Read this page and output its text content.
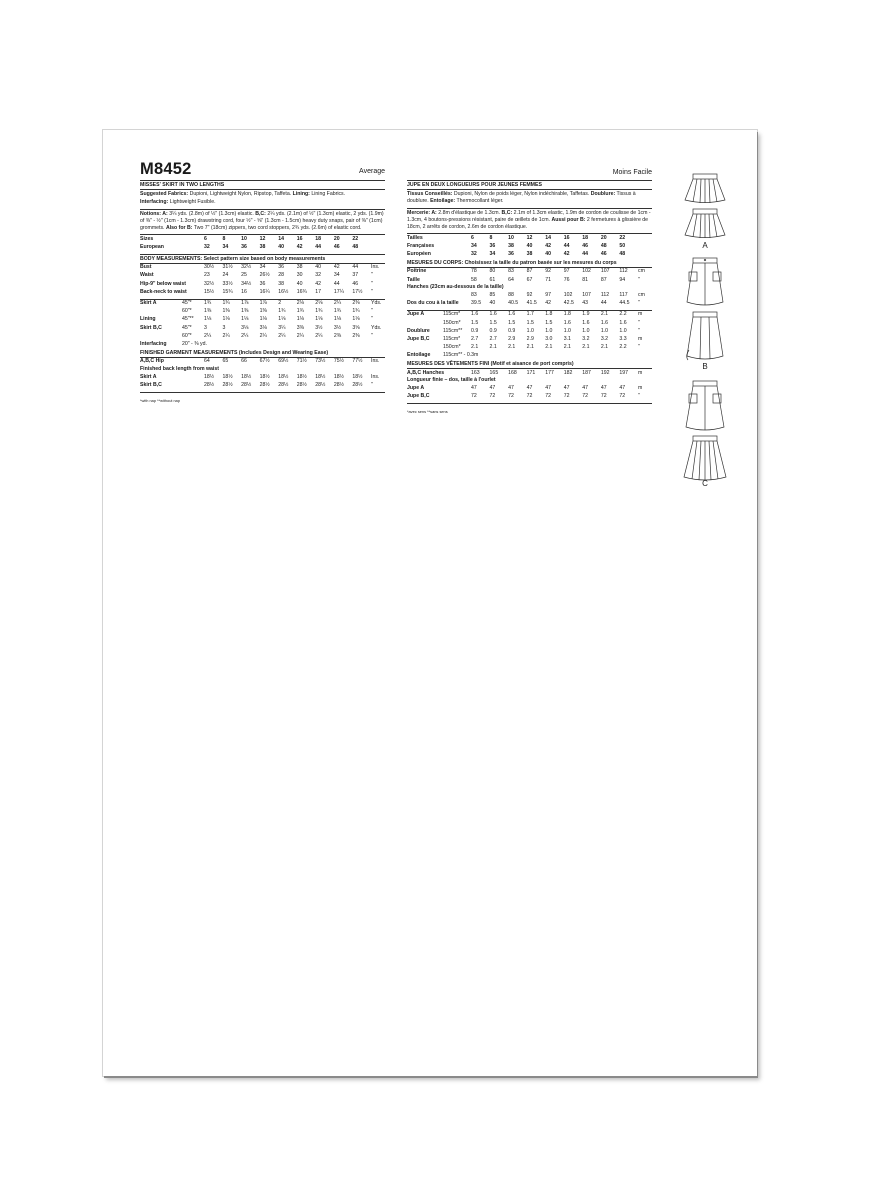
M8452	Average
MISSES' SKIRT IN TWO LENGTHS
Suggested Fabrics: Dupioni, Lightweight Nylon, Ripstop, Taffeta. Lining: Lining Fabrics.
Interfacing: Lightweight Fusible.
Notions: A: 3¼ yds. (2.8m) of ½" (1.3cm) elastic. B,C: 2¼ yds. (2.1m) of ½" (1.3cm) elastic, 2 yds. (1.9m) of ⅜" - ½" (1cm - 1.3cm) drawstring cord, four ½" - ⅝" (1.3cm - 1.5cm) heavy duty snaps, pair of ⅜" (1cm) grommets. Also for B: Two 7" (18cm) zippers, two cord stoppers, 2¾ yds. (2.6m) of elastic cord.
Sizes	6	8	10	12	14	16	18	20	22	
European	32	34	36	38	40	42	44	46	48	
BODY MEASUREMENTS: Select pattern size based on body measurements
Bust	30½	31½	32½	34	36	38	40	42	44	Ins.
Waist	23	24	25	26½	28	30	32	34	37	"
Hip-9" below waist	32½	33½	34½	36	38	40	42	44	46	"
Back-neck to waist	15½	15¾	16	16¼	16½	16¾	17	17¼	17½	"
Skirt A	45"*	1¾	1¾	1⅞	1⅞	2	2⅛	2⅛	2¼	2⅜	Yds.
	60"*	1⅜	1⅜	1⅜	1⅜	1¾	1¾	1¾	1¾	1¾	"
Lining	45"**	1⅛	1⅛	1⅛	1⅛	1⅛	1⅛	1⅛	1⅛	1⅛	"
Skirt B,C	45"*	3	3	3⅛	3⅛	3¼	3⅜	3½	3½	3⅝	Yds.
	60"*	2¼	2¼	2¼	2¼	2¼	2¼	2¼	2⅜	2⅜	"
Interfacing	20" - ⅜ yd.										
FINISHED GARMENT MEASUREMENTS (Includes Design and Wearing Ease)
A,B,C Hip	64	65	66	67½	69½	71½	73½	75½	77½	Ins.
Finished back length from waist
Skirt A	18½	18½	18½	18½	18½	18½	18½	18½	18½	Ins.
Skirt B,C	28½	28½	28½	28½	28½	28½	28½	28½	28½	"
*with nap **without nap
Moins Facile
JUPE EN DEUX LONGUEURS POUR JEUNES FEMMES
Tissus Conseillés: Dupioni, Nylon de poids léger, Nylon indéchirable, Taffetas. Doublure: Tissus à doublure. Entoilage: Thermocollant léger.
Mercerie: A: 2.8m d'élastique de 1.3cm. B,C: 2.1m of 1.3cm elastic, 1.9m de cordon de coulisse de 1cm - 1.3cm, 4 boutons-pressions résistant, paire de œillets de 1cm. Aussi pour B: 2 fermetures à glissière de 18cm, 2 arrêts de cordon, 2.6m de cordon élastique.
Tailles	6	8	10	12	14	16	18	20	22	
Françaises	34	36	38	40	42	44	46	48	50	
Européen	32	34	36	38	40	42	44	46	48	
MESURES DU CORPS: Choisissez la taille du patron basée sur les mesures du corps
Poitrine	78	80	83	87	92	97	102	107	112	cm
Taille	58	61	64	67	71	76	81	87	94	"
Hanches (23cm au-dessous de la taille)
	83	85	88	92	97	102	107	112	117	cm
Dos du cou à la taille	39.5	40	40.5	41.5	42	42.5	43	44	44.5	"
Jupe A	115cm*	1.6	1.6	1.6	1.7	1.8	1.8	1.9	2.1	2.2	m
	150cm*	1.5	1.5	1.5	1.5	1.5	1.6	1.6	1.6	1.6	"
Doublure	115cm**	0.9	0.9	0.9	1.0	1.0	1.0	1.0	1.0	1.0	"
Jupe B,C	115cm*	2.7	2.7	2.9	2.9	3.0	3.1	3.2	3.2	3.3	m
	150cm*	2.1	2.1	2.1	2.1	2.1	2.1	2.1	2.1	2.2	"
Entoilage	115cm** - 0.3m										
MESURES DES VÊTEMENTS FINI (Motif et aisance de port compris)
A,B,C Hanches	163	165	168	171	177	182	187	192	197	m
Longueur finie – dos, taille à l'ourlet
Jupe A	47	47	47	47	47	47	47	47	47	m
Jupe B,C	72	72	72	72	72	72	72	72	72	"
*avec sens **sans sens
A
B
C
